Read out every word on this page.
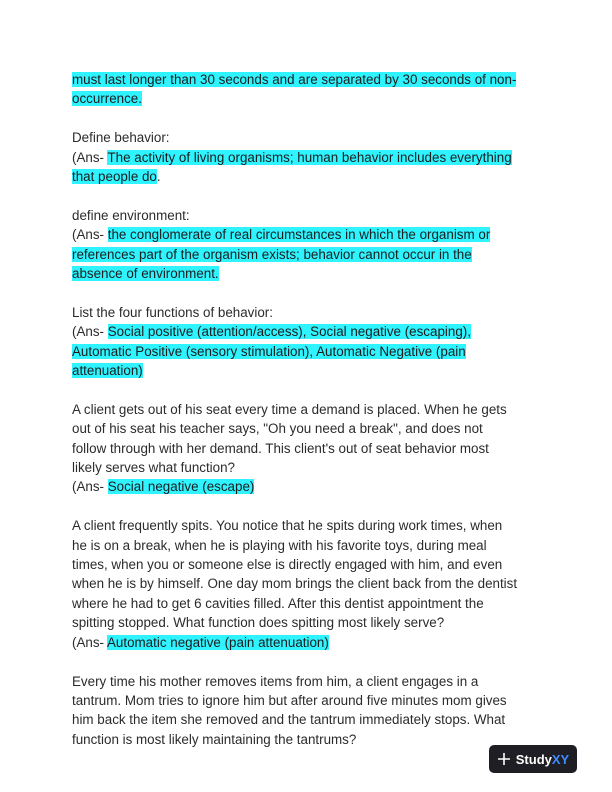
must last longer than 30 seconds and are separated by 30 seconds of non-
occurrence.
Define behavior:
(Ans- The activity of living organisms; human behavior includes everything
that people do.
define environment:
(Ans- the conglomerate of real circumstances in which the organism or
references part of the organism exists; behavior cannot occur in the
absence of environment.
List the four functions of behavior:
(Ans- Social positive (attention/access), Social negative (escaping),
Automatic Positive (sensory stimulation), Automatic Negative (pain
attenuation)
A client gets out of his seat every time a demand is placed. When he gets
out of his seat his teacher says, "Oh you need a break", and does not
follow through with her demand. This client's out of seat behavior most
likely serves what function?
(Ans- Social negative (escape)
A client frequently spits. You notice that he spits during work times, when
he is on a break, when he is playing with his favorite toys, during meal
times, when you or someone else is directly engaged with him, and even
when he is by himself. One day mom brings the client back from the dentist
where he had to get 6 cavities filled. After this dentist appointment the
spitting stopped. What function does spitting most likely serve?
(Ans- Automatic negative (pain attenuation)
Every time his mother removes items from him, a client engages in a
tantrum. Mom tries to ignore him but after around five minutes mom gives
him back the item she removed and the tantrum immediately stops. What
function is most likely maintaining the tantrums?
Study XY
